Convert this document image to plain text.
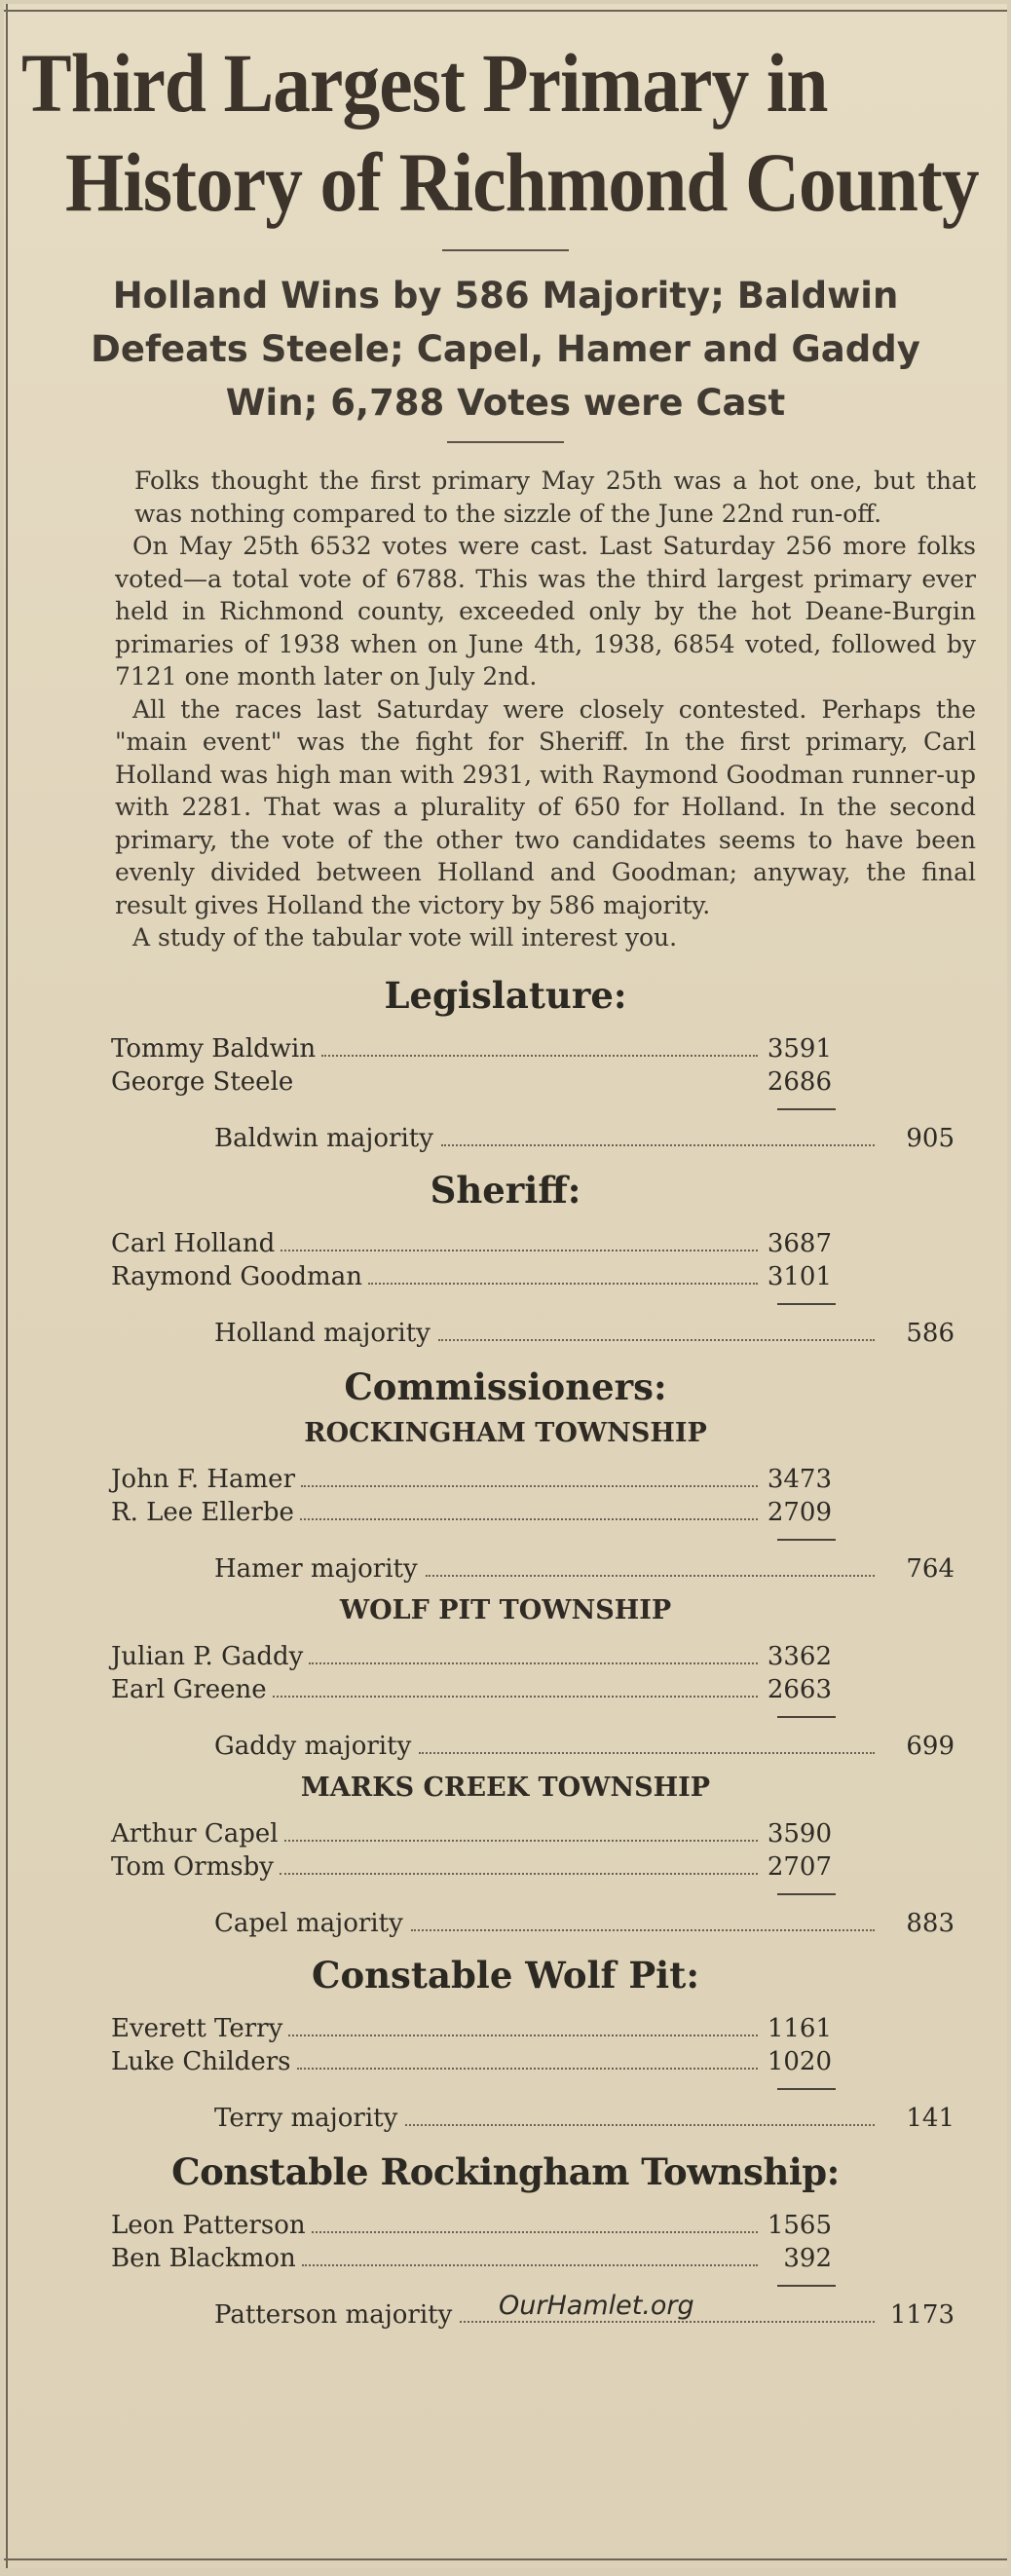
Third Largest Primary in
History of Richmond County
Holland Wins by 586 Majority; Baldwin
Defeats Steele; Capel, Hamer and Gaddy
Win; 6,788 Votes were Cast

Folks thought the first primary May 25th was a hot one, but that was nothing compared to the sizzle of the June 22nd run-off.

On May 25th 6532 votes were cast. Last Saturday 256 more folks voted—a total vote of 6788. This was the third largest primary ever held in Richmond county, exceeded only by the hot Deane-Burgin primaries of 1938 when on June 4th, 1938, 6854 voted, followed by 7121 one month later on July 2nd.

All the races last Saturday were closely contested. Perhaps the "main event" was the fight for Sheriff. In the first primary, Carl Holland was high man with 2931, with Raymond Goodman runner-up with 2281. That was a plurality of 650 for Holland. In the second primary, the vote of the other two candidates seems to have been evenly divided between Holland and Goodman; anyway, the final result gives Holland the victory by 586 majority.

A study of the tabular vote will interest you.

Legislature:
Tommy Baldwin	3591
George Steele	2686
Baldwin majority	905
Sheriff:
Carl Holland	3687
Raymond Goodman	3101
Holland majority	586
Commissioners:
ROCKINGHAM TOWNSHIP
John F. Hamer	3473
R. Lee Ellerbe	2709
Hamer majority	764
WOLF PIT TOWNSHIP
Julian P. Gaddy	3362
Earl Greene	2663
Gaddy majority	699
MARKS CREEK TOWNSHIP
Arthur Capel	3590
Tom Ormsby	2707
Capel majority	883
Constable Wolf Pit:
Everett Terry	1161
Luke Childers	1020
Terry majority	141
Constable Rockingham Township:
Leon Patterson	1565
Ben Blackmon	392
Patterson majority	1173
OurHamlet.org
